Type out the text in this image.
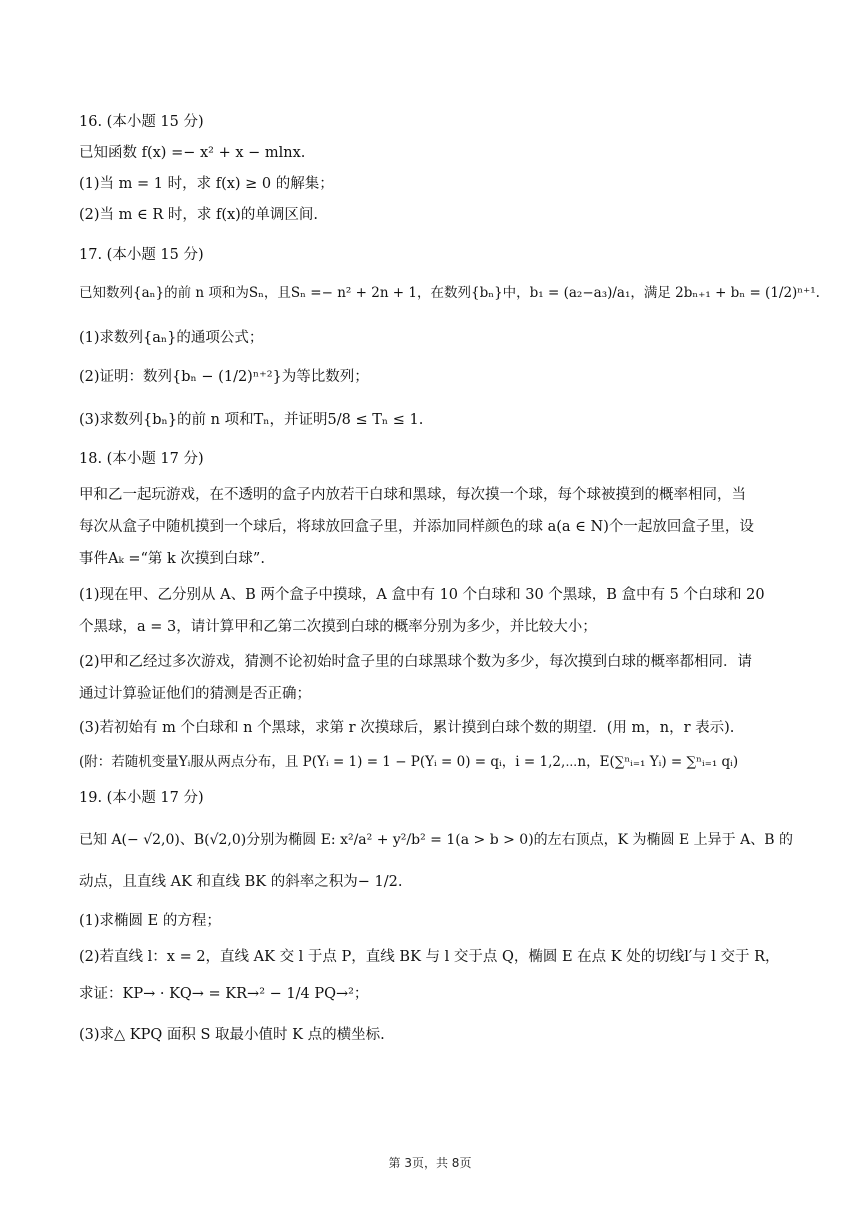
16. (本小题 15 分)
已知函数 f(x) =− x² + x − mlnx.
(1)当 m = 1 时，求 f(x) ≥ 0 的解集；
(2)当 m ∈ R 时，求 f(x)的单调区间.
17. (本小题 15 分)
已知数列{aₙ}的前 n 项和为Sₙ，且Sₙ =− n² + 2n + 1，在数列{bₙ}中，b₁ = (a₂−a₃)/a₁，满足 2bₙ₊₁ + bₙ = (1/2)ⁿ⁺¹.
(1)求数列{aₙ}的通项公式；
(2)证明：数列{bₙ − (1/2)ⁿ⁺²}为等比数列；
(3)求数列{bₙ}的前 n 项和Tₙ，并证明5/8 ≤ Tₙ ≤ 1.
18. (本小题 17 分)
甲和乙一起玩游戏，在不透明的盒子内放若干白球和黑球，每次摸一个球，每个球被摸到的概率相同，当
每次从盒子中随机摸到一个球后，将球放回盒子里，并添加同样颜色的球 a(a ∈ N)个一起放回盒子里，设
事件Aₖ =“第 k 次摸到白球”.
(1)现在甲、乙分别从 A、B 两个盒子中摸球，A 盒中有 10 个白球和 30 个黑球，B 盒中有 5 个白球和 20
个黑球，a = 3，请计算甲和乙第二次摸到白球的概率分别为多少，并比较大小；
(2)甲和乙经过多次游戏，猜测不论初始时盒子里的白球黑球个数为多少，每次摸到白球的概率都相同．请
通过计算验证他们的猜测是否正确；
(3)若初始有 m 个白球和 n 个黑球，求第 r 次摸球后，累计摸到白球个数的期望．(用 m，n，r 表示).
(附：若随机变量Yᵢ服从两点分布，且 P(Yᵢ = 1) = 1 − P(Yᵢ = 0) = qᵢ，i = 1,2,⋯n，E(∑ⁿᵢ₌₁ Yᵢ) = ∑ⁿᵢ₌₁ qᵢ)
19. (本小题 17 分)
已知 A(− √2,0)、B(√2,0)分别为椭圆 E: x²/a² + y²/b² = 1(a > b > 0)的左右顶点，K 为椭圆 E 上异于 A、B 的
动点，且直线 AK 和直线 BK 的斜率之积为− 1/2.
(1)求椭圆 E 的方程；
(2)若直线 l：x = 2，直线 AK 交 l 于点 P，直线 BK 与 l 交于点 Q，椭圆 E 在点 K 处的切线l′与 l 交于 R，
求证：KP→ · KQ→ = KR→² − 1/4 PQ→²；
(3)求△ KPQ 面积 S 取最小值时 K 点的横坐标.
第 3页，共 8页
